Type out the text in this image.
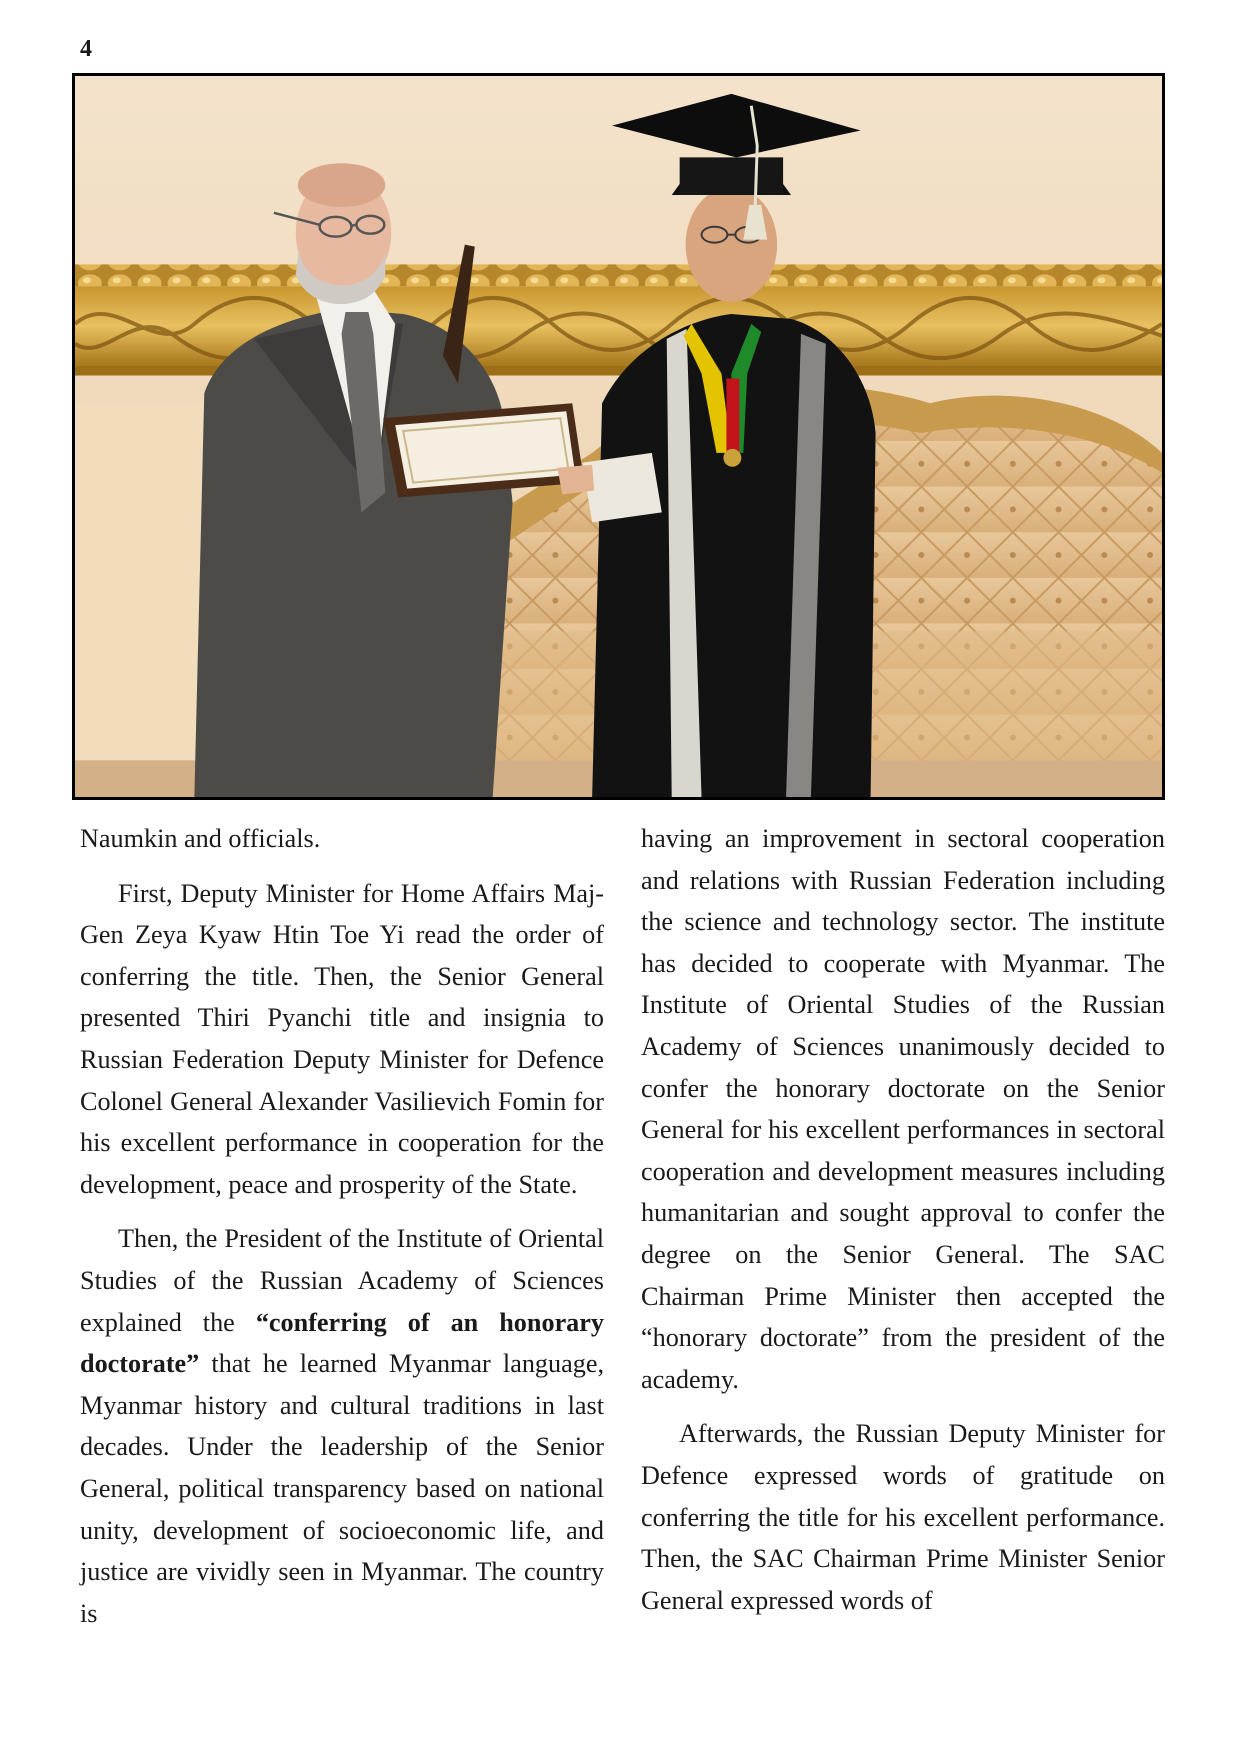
4

Naumkin and officials.

First, Deputy Minister for Home Affairs Maj-Gen Zeya Kyaw Htin Toe Yi read the order of conferring the title. Then, the Senior General presented Thiri Pyanchi title and insignia to Russian Federation Deputy Minister for Defence Colonel General Alexander Vasilievich Fomin for his excellent performance in cooperation for the development, peace and prosperity of the State.

Then, the President of the Institute of Oriental Studies of the Russian Academy of Sciences explained the “conferring of an honorary doctorate” that he learned Myanmar language, Myanmar history and cultural traditions in last decades. Under the leadership of the Senior General, political transparency based on national unity, development of socioeconomic life, and justice are vividly seen in Myanmar. The country is

having an improvement in sectoral cooperation and relations with Russian Federation including the science and technology sector. The institute has decided to cooperate with Myanmar. The Institute of Oriental Studies of the Russian Academy of Sciences unanimously decided to confer the honorary doctorate on the Senior General for his excellent performances in sectoral cooperation and development measures including humanitarian and sought approval to confer the degree on the Senior General. The SAC Chairman Prime Minister then accepted the “honorary doctorate” from the president of the academy.

Afterwards, the Russian Deputy Minister for Defence expressed words of gratitude on conferring the title for his excellent performance. Then, the SAC Chairman Prime Minister Senior General expressed words of
